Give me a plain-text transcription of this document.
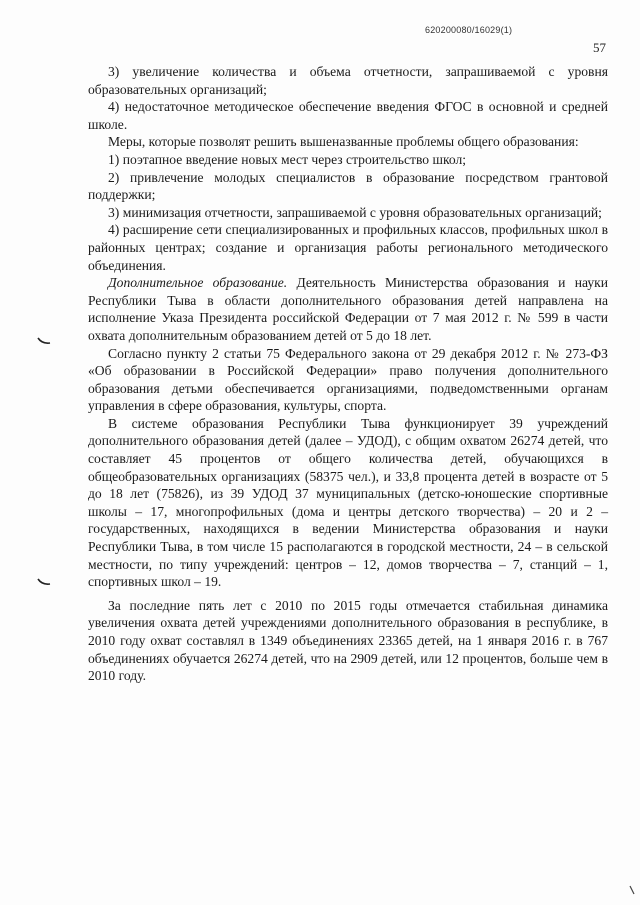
620200080/16029(1)
57

3) увеличение количества и объема отчетности, запрашиваемой с уровня образовательных организаций;

4) недостаточное методическое обеспечение введения ФГОС в основной и средней школе.

Меры, которые позволят решить вышеназванные проблемы общего образования:

1) поэтапное введение новых мест через строительство школ;

2) привлечение молодых специалистов в образование посредством грантовой поддержки;

3) минимизация отчетности, запрашиваемой с уровня образовательных организаций;

4) расширение сети специализированных и профильных классов, профильных школ в районных центрах; создание и организация работы регионального методического объединения.

Дополнительное образование. Деятельность Министерства образования и науки Республики Тыва в области дополнительного образования детей направлена на исполнение Указа Президента российской Федерации от 7 мая 2012 г. № 599 в части охвата дополнительным образованием детей от 5 до 18 лет.

Согласно пункту 2 статьи 75 Федерального закона от 29 декабря 2012 г. № 273-ФЗ «Об образовании в Российской Федерации» право получения дополнительного образования детьми обеспечивается организациями, подведомственными органам управления в сфере образования, культуры, спорта.

В системе образования Республики Тыва функционирует 39 учреждений дополнительного образования детей (далее – УДОД), с общим охватом 26274 детей, что составляет 45 процентов от общего количества детей, обучающихся в общеобразовательных организациях (58375 чел.), и 33,8 процента детей в возрасте от 5 до 18 лет (75826), из 39 УДОД 37 муниципальных (детско-юношеские спортивные школы – 17, многопрофильных (дома и центры детского творчества) – 20 и 2 – государственных, находящихся в ведении Министерства образования и науки Республики Тыва, в том числе 15 располагаются в городской местности, 24 – в сельской местности, по типу учреждений: центров – 12, домов творчества – 7, станций – 1, спортивных школ – 19.

За последние пять лет с 2010 по 2015 годы отмечается стабильная динамика увеличения охвата детей учреждениями дополнительного образования в республике, в 2010 году охват составлял в 1349 объединениях 23365 детей, на 1 января 2016 г. в 767 объединениях обучается 26274 детей, что на 2909 детей, или 12 процентов, больше чем в 2010 году.
